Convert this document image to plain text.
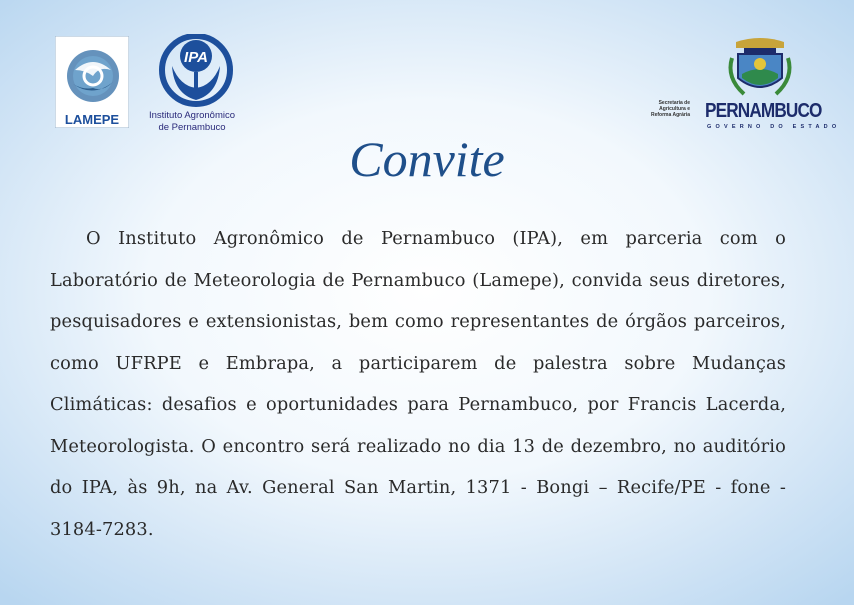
LAMEPE
IPA
Instituto Agronômico
de Pernambuco
Secretaria de
Agricultura e
Reforma Agrária PERNAMBUCO
GOVERNO DO ESTADO
Convite
O Instituto Agronômico de Pernambuco (IPA), em parceria com o Laboratório de Meteorologia de Pernambuco (Lamepe), convida seus diretores, pesquisadores e extensionistas, bem como representantes de órgãos parceiros, como UFRPE e Embrapa, a participarem de palestra sobre Mudanças Climáticas: desafios e oportunidades para Pernambuco, por Francis Lacerda, Meteorologista. O encontro será realizado no dia 13 de dezembro, no auditório do IPA, às 9h, na Av. General San Martin, 1371 - Bongi – Recife/PE - fone - 3184-7283.
